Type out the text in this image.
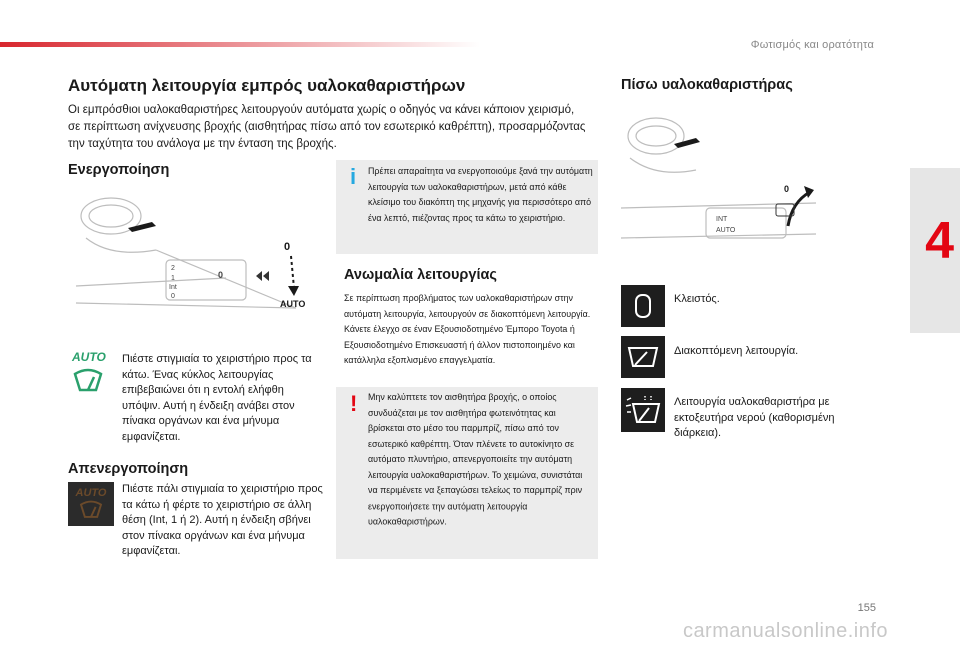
Φωτισμός και ορατότητα
4
Αυτόματη λειτουργία εμπρός υαλοκαθαριστήρων
Οι εμπρόσθιοι υαλοκαθαριστήρες λειτουργούν αυτόματα χωρίς ο οδηγός να κάνει κάποιον χειρισμό, σε περίπτωση ανίχνευσης βροχής (αισθητήρας πίσω από τον εσωτερικό καθρέπτη), προσαρμόζοντας την ταχύτητα του ανάλογα με την ένταση της βροχής.
Ενεργοποίηση
2
1
Int
0
0
0
AUTO
AUTO	Πιέστε στιγμιαία το χειριστήριο προς τα κάτω. Ένας κύκλος λειτουργίας επιβεβαιώνει ότι η εντολή ελήφθη υπόψιν. Αυτή η ένδειξη ανάβει στον πίνακα οργάνων και ένα μήνυμα εμφανίζεται.
Απενεργοποίηση
AUTO	Πιέστε πάλι στιγμιαία το χειριστήριο προς τα κάτω ή φέρτε το χειριστήριο σε άλλη θέση (Int, 1 ή 2). Αυτή η ένδειξη σβήνει στον πίνακα οργάνων και ένα μήνυμα εμφανίζεται.
i Πρέπει απαραίτητα να ενεργοποιούμε ξανά την αυτόματη λειτουργία των υαλοκαθαριστήρων, μετά από κάθε κλείσιμο του διακόπτη της μηχανής για περισσότερο από ένα λεπτό, πιέζοντας προς τα κάτω το χειριστήριο.
Ανωμαλία λειτουργίας
Σε περίπτωση προβλήματος των υαλοκαθαριστήρων στην αυτόματη λειτουργία, λειτουργούν σε διακοπτόμενη λειτουργία. Κάνετε έλεγχο σε έναν Εξουσιοδοτημένο Έμπορο Toyota ή Εξουσιοδοτημένο Επισκευαστή ή άλλον πιστοποιημένο και κατάλληλα εξοπλισμένο επαγγελματία.
! Μην καλύπτετε τον αισθητήρα βροχής, ο οποίος συνδυάζεται με τον αισθητήρα φωτεινότητας και βρίσκεται στο μέσο του παρμπρίζ, πίσω από τον εσωτερικό καθρέπτη. Όταν πλένετε το αυτοκίνητο σε αυτόματο πλυντήριο, απενεργοποιείτε την αυτόματη λειτουργία υαλοκαθαριστήρων. Το χειμώνα, συνιστάται να περιμένετε να ξεπαγώσει τελείως το παρμπρίζ πριν ενεργοποιήσετε την αυτόματη λειτουργία υαλοκαθαριστήρων.
Πίσω υαλοκαθαριστήρας
INT
AUTO
0
Κλειστός.
Διακοπτόμενη λειτουργία.
Λειτουργία υαλοκαθαριστήρα με εκτοξευτήρα νερού (καθορισμένη διάρκεια).
155
carmanualsonline.info
